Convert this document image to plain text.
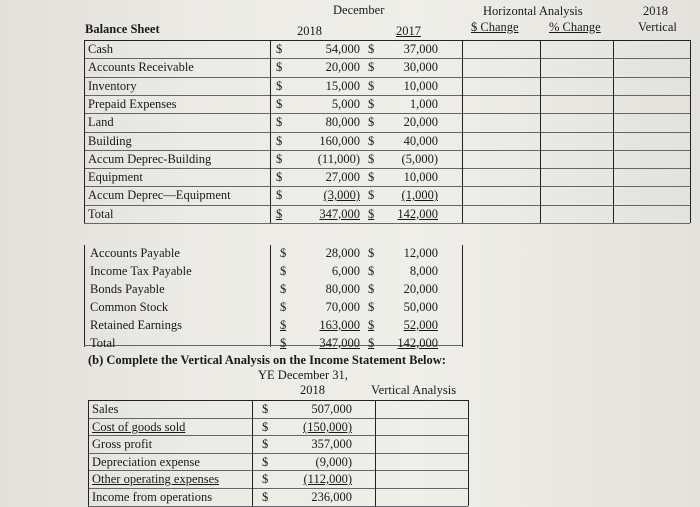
December	Horizontal Analysis	2018
$ Change % Change	Vertical
Balance Sheet	2018	2017
Cash	$	54,000 $	37,000
Accounts Receivable	$	20,000 $	30,000
Inventory	$	15,000 $	10,000
Prepaid Expenses	$	5,000 $	1,000
Land	$	80,000 $	20,000
Building	$	160,000 $	40,000
Accum Deprec-Building	$	(11,000) $	(5,000)
Equipment	$	27,000 $	10,000
Accum Deprec—Equipment	$	(3,000) $	(1,000)
Total	$	347,000 $	142,000
Accounts Payable	$	28,000 $	12,000
Income Tax Payable	$	6,000 $	8,000
Bonds Payable	$	80,000 $	20,000
Common Stock	$	70,000 $	50,000
Retained Earnings	$	163,000 $	52,000
Total	$	347,000 $	142,000
(b) Complete the Vertical Analysis on the Income Statement Below:
YE December 31,
2018	Vertical Analysis
Sales	$	507,000
Cost of goods sold	$	(150,000)
Gross profit	$	357,000
Depreciation expense	$	(9,000)
Other operating expenses	$	(112,000)
Income from operations	$	236,000
